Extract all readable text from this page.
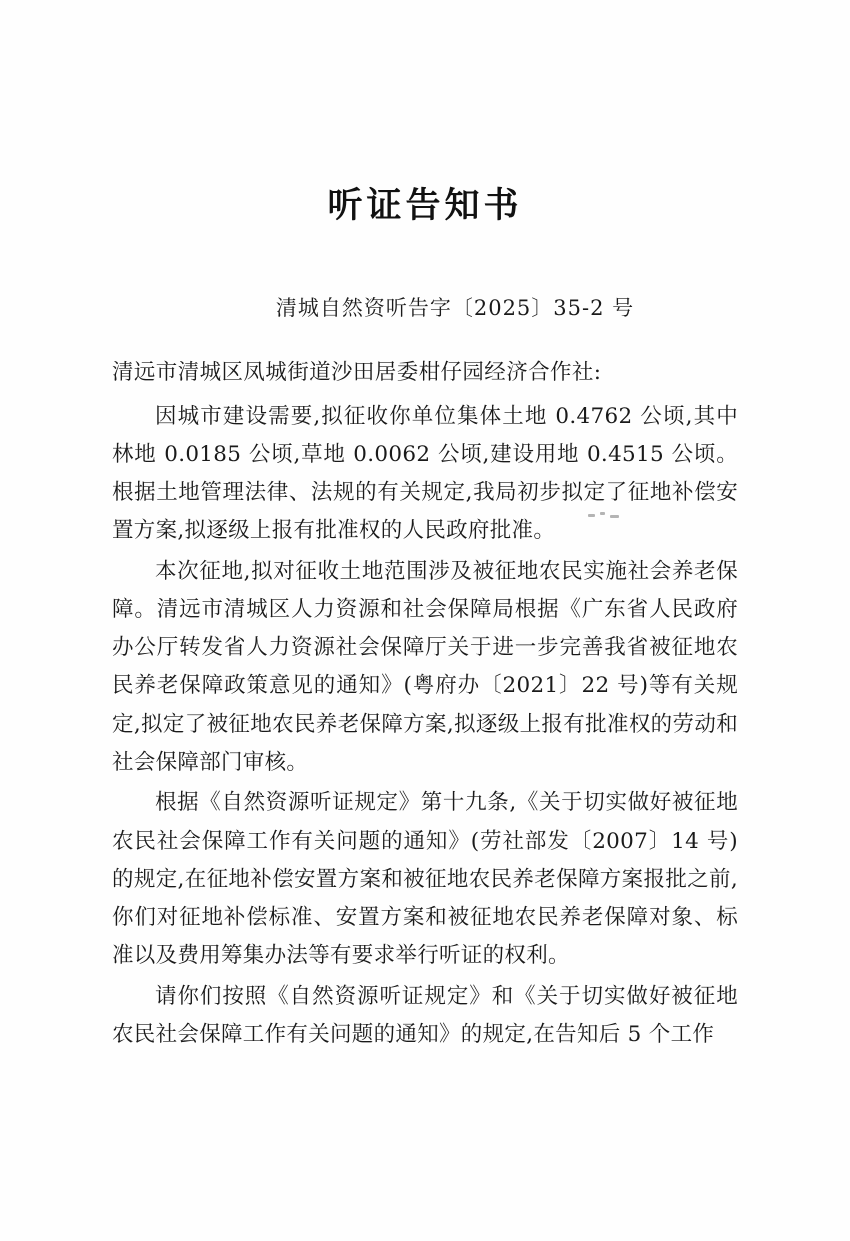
听证告知书
清城自然资听告字〔2025〕35-2 号
清远市清城区凤城街道沙田居委柑仔园经济合作社:

因城市建设需要,拟征收你单位集体土地 0.4762 公顷,其中林地 0.0185 公顷,草地 0.0062 公顷,建设用地 0.4515 公顷。根据土地管理法律、法规的有关规定,我局初步拟定了征地补偿安置方案,拟逐级上报有批准权的人民政府批准。

本次征地,拟对征收土地范围涉及被征地农民实施社会养老保障。清远市清城区人力资源和社会保障局根据《广东省人民政府办公厅转发省人力资源社会保障厅关于进一步完善我省被征地农民养老保障政策意见的通知》(粤府办〔2021〕22 号)等有关规定,拟定了被征地农民养老保障方案,拟逐级上报有批准权的劳动和社会保障部门审核。

根据《自然资源听证规定》第十九条,《关于切实做好被征地农民社会保障工作有关问题的通知》(劳社部发〔2007〕14 号)的规定,在征地补偿安置方案和被征地农民养老保障方案报批之前,你们对征地补偿标准、安置方案和被征地农民养老保障对象、标准以及费用筹集办法等有要求举行听证的权利。

请你们按照《自然资源听证规定》和《关于切实做好被征地农民社会保障工作有关问题的通知》的规定,在告知后 5 个工作
